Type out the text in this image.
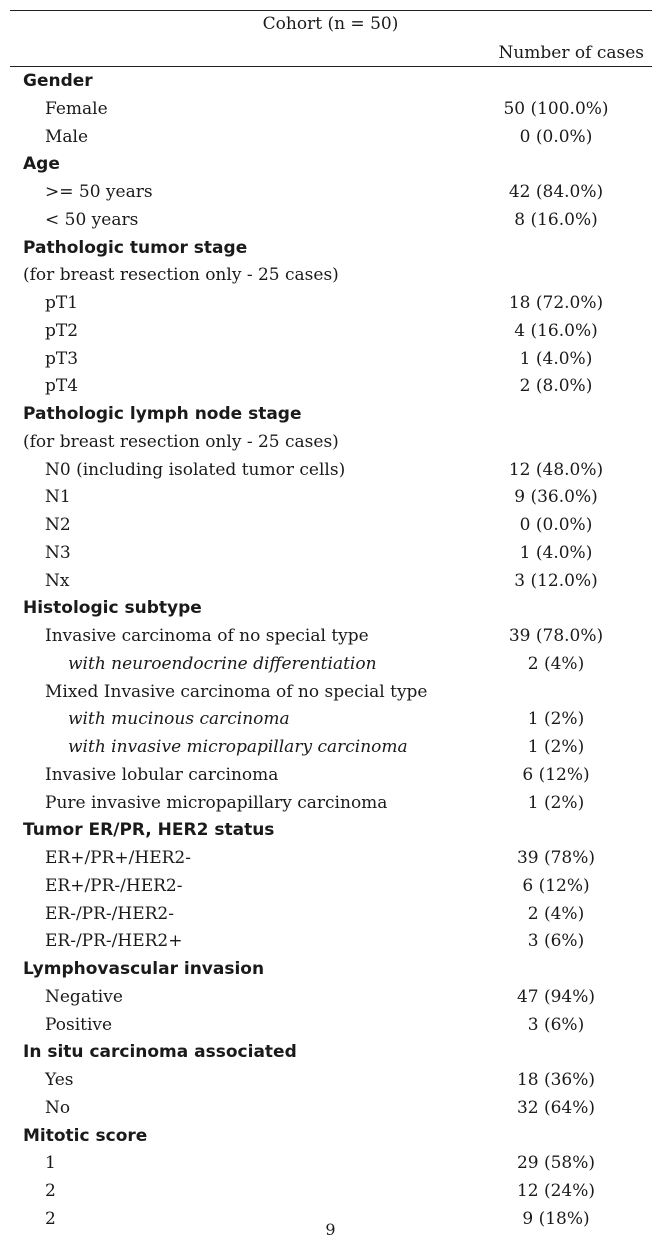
Cohort (n = 50)
Number of cases
Gender
Female	50 (100.0%)
Male	0 (0.0%)
Age
>= 50 years	42 (84.0%)
< 50 years	8 (16.0%)
Pathologic tumor stage
(for breast resection only - 25 cases)
pT1	18 (72.0%)
pT2	4 (16.0%)
pT3	1 (4.0%)
pT4	2 (8.0%)
Pathologic lymph node stage
(for breast resection only - 25 cases)
N0 (including isolated tumor cells)	12 (48.0%)
N1	9 (36.0%)
N2	0 (0.0%)
N3	1 (4.0%)
Nx	3 (12.0%)
Histologic subtype
Invasive carcinoma of no special type	39 (78.0%)
with neuroendocrine differentiation	2 (4%)
Mixed Invasive carcinoma of no special type
with mucinous carcinoma	1 (2%)
with invasive micropapillary carcinoma	1 (2%)
Invasive lobular carcinoma	6 (12%)
Pure invasive micropapillary carcinoma	1 (2%)
Tumor ER/PR, HER2 status
ER+/PR+/HER2-	39 (78%)
ER+/PR-/HER2-	6 (12%)
ER-/PR-/HER2-	2 (4%)
ER-/PR-/HER2+	3 (6%)
Lymphovascular invasion
Negative	47 (94%)
Positive	3 (6%)
In situ carcinoma associated
Yes	18 (36%)
No	32 (64%)
Mitotic score
1	29 (58%)
2	12 (24%)
2	9 (18%)
9
